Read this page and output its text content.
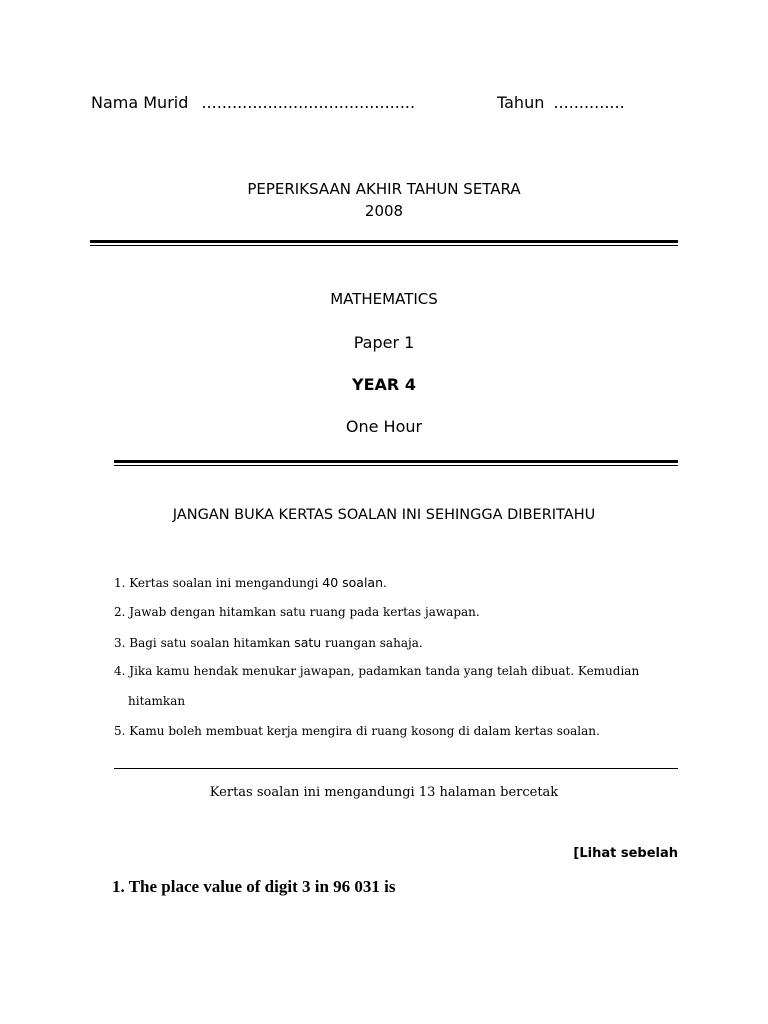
Nama Murid ..........................................	Tahun ..............
PEPERIKSAAN AKHIR TAHUN SETARA
2008
MATHEMATICS
Paper 1
YEAR 4
One Hour
JANGAN BUKA KERTAS SOALAN INI SEHINGGA DIBERITAHU
1. Kertas soalan ini mengandungi 40 soalan.
2. Jawab dengan hitamkan satu ruang pada kertas jawapan.
3. Bagi satu soalan hitamkan satu ruangan sahaja.
4. Jika kamu hendak menukar jawapan, padamkan tanda yang telah dibuat. Kemudian
hitamkan
5. Kamu boleh membuat kerja mengira di ruang kosong di dalam kertas soalan.
Kertas soalan ini mengandungi 13 halaman bercetak
[Lihat sebelah
1. The place value of digit 3 in 96 031 is
